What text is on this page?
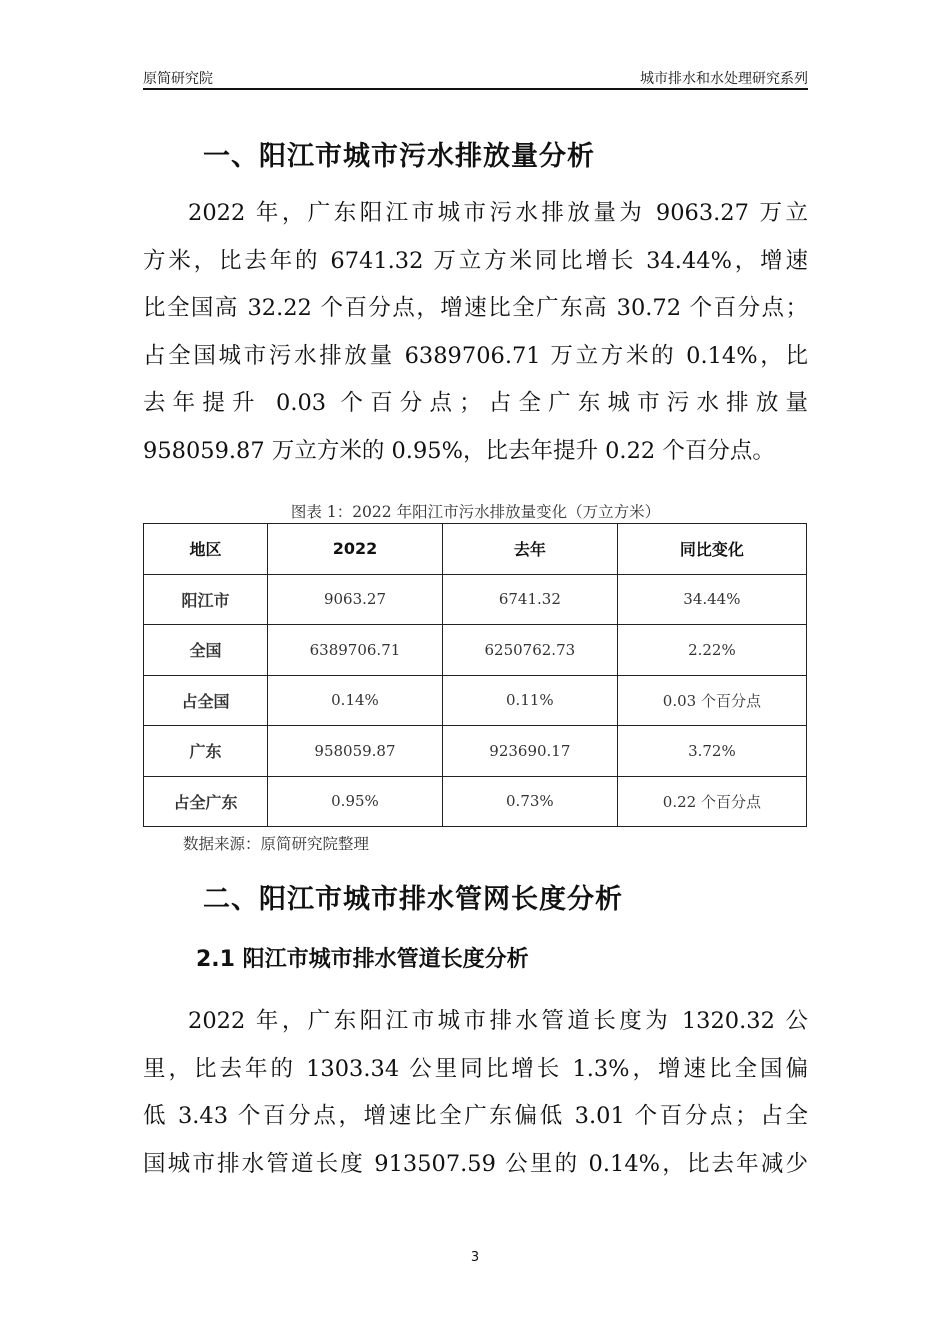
原简研究院	城市排水和水处理研究系列
一、阳江市城市污水排放量分析
2022 年，广东阳江市城市污水排放量为 9063.27 万立
方米，比去年的 6741.32 万立方米同比增长 34.44%，增速
比全国高 32.22 个百分点，增速比全广东高 30.72 个百分点；
占全国城市污水排放量 6389706.71 万立方米的 0.14%，比
去年提升 0.03 个百分点；占全广东城市污水排放量
958059.87 万立方米的 0.95%，比去年提升 0.22 个百分点。
图表 1：2022 年阳江市污水排放量变化（万立方米）
地区	2022	去年	同比变化
阳江市	9063.27	6741.32	34.44%
全国	6389706.71	6250762.73	2.22%
占全国	0.14%	0.11%	0.03 个百分点
广东	958059.87	923690.17	3.72%
占全广东	0.95%	0.73%	0.22 个百分点
数据来源：原简研究院整理
二、阳江市城市排水管网长度分析
2.1 阳江市城市排水管道长度分析
2022 年，广东阳江市城市排水管道长度为 1320.32 公
里，比去年的 1303.34 公里同比增长 1.3%，增速比全国偏
低 3.43 个百分点，增速比全广东偏低 3.01 个百分点；占全
国城市排水管道长度 913507.59 公里的 0.14%，比去年减少
3
